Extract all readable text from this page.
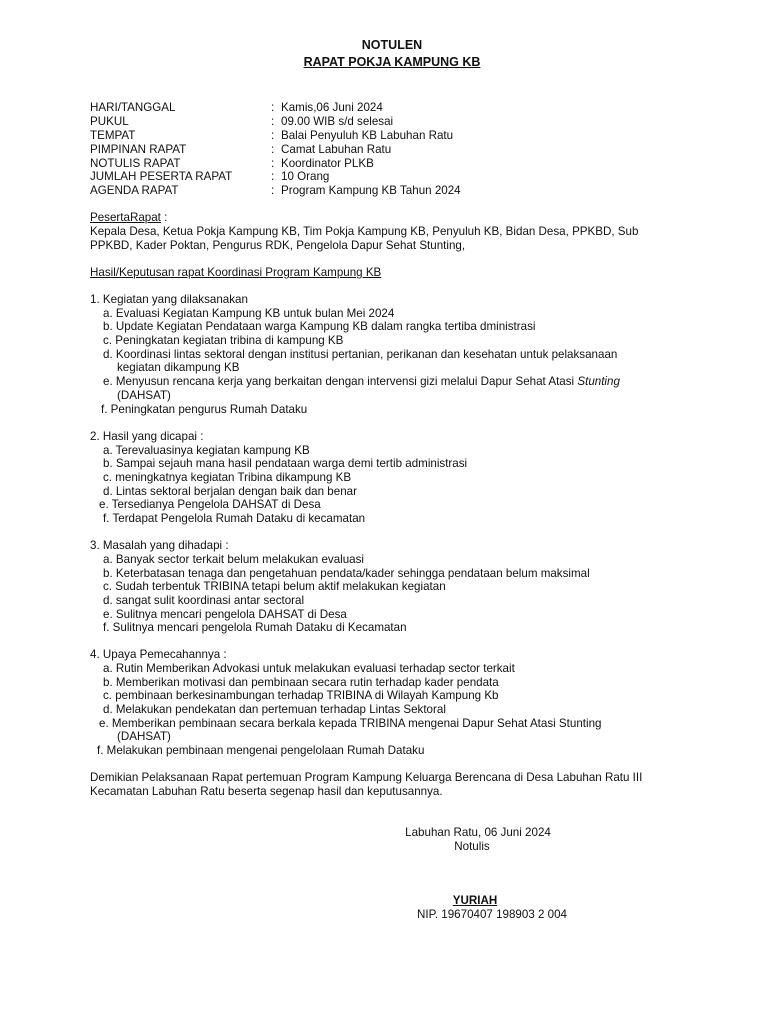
NOTULEN
RAPAT POKJA KAMPUNG KB
HARI/TANGGAL	: Kamis,06 Juni 2024
PUKUL	: 09.00 WIB s/d selesai
TEMPAT	: Balai Penyuluh KB Labuhan Ratu
PIMPINAN RAPAT	: Camat Labuhan Ratu
NOTULIS RAPAT	: Koordinator PLKB
JUMLAH PESERTA RAPAT	: 10 Orang
AGENDA RAPAT	: Program Kampung KB Tahun 2024
PesertaRapat :
Kepala Desa, Ketua Pokja Kampung KB, Tim Pokja Kampung KB, Penyuluh KB, Bidan Desa, PPKBD, Sub
PPKBD, Kader Poktan, Pengurus RDK, Pengelola Dapur Sehat Stunting,
Hasil/Keputusan rapat Koordinasi Program Kampung KB
1. Kegiatan yang dilaksanakan
a. Evaluasi Kegiatan Kampung KB untuk bulan Mei 2024
b. Update Kegiatan Pendataan warga Kampung KB dalam rangka tertiba dministrasi
c. Peningkatan kegiatan tribina di kampung KB
d. Koordinasi lintas sektoral dengan institusi pertanian, perikanan dan kesehatan untuk pelaksanaan
kegiatan dikampung KB
e. Menyusun rencana kerja yang berkaitan dengan intervensi gizi melalui Dapur Sehat Atasi Stunting
(DAHSAT)
f. Peningkatan pengurus Rumah Dataku
2. Hasil yang dicapai :
a. Terevaluasinya kegiatan kampung KB
b. Sampai sejauh mana hasil pendataan warga demi tertib administrasi
c. meningkatnya kegiatan Tribina dikampung KB
d. Lintas sektoral berjalan dengan baik dan benar
e. Tersedianya Pengelola DAHSAT di Desa
f. Terdapat Pengelola Rumah Dataku di kecamatan
3. Masalah yang dihadapi :
a. Banyak sector terkait belum melakukan evaluasi
b. Keterbatasan tenaga dan pengetahuan pendata/kader sehingga pendataan belum maksimal
c. Sudah terbentuk TRIBINA tetapi belum aktif melakukan kegiatan
d. sangat sulit koordinasi antar sectoral
e. Sulitnya mencari pengelola DAHSAT di Desa
f. Sulitnya mencari pengelola Rumah Dataku di Kecamatan
4. Upaya Pemecahannya :
a. Rutin Memberikan Advokasi untuk melakukan evaluasi terhadap sector terkait
b. Memberikan motivasi dan pembinaan secara rutin terhadap kader pendata
c. pembinaan berkesinambungan terhadap TRIBINA di Wilayah Kampung Kb
d. Melakukan pendekatan dan pertemuan terhadap Lintas Sektoral
e. Memberikan pembinaan secara berkala kepada TRIBINA mengenai Dapur Sehat Atasi Stunting
(DAHSAT)
f. Melakukan pembinaan mengenai pengelolaan Rumah Dataku
Demikian Pelaksanaan Rapat pertemuan Program Kampung Keluarga Berencana di Desa Labuhan Ratu III
Kecamatan Labuhan Ratu beserta segenap hasil dan keputusannya.
Labuhan Ratu, 06 Juni 2024
Notulis
YURIAH
NIP. 19670407 198903 2 004
